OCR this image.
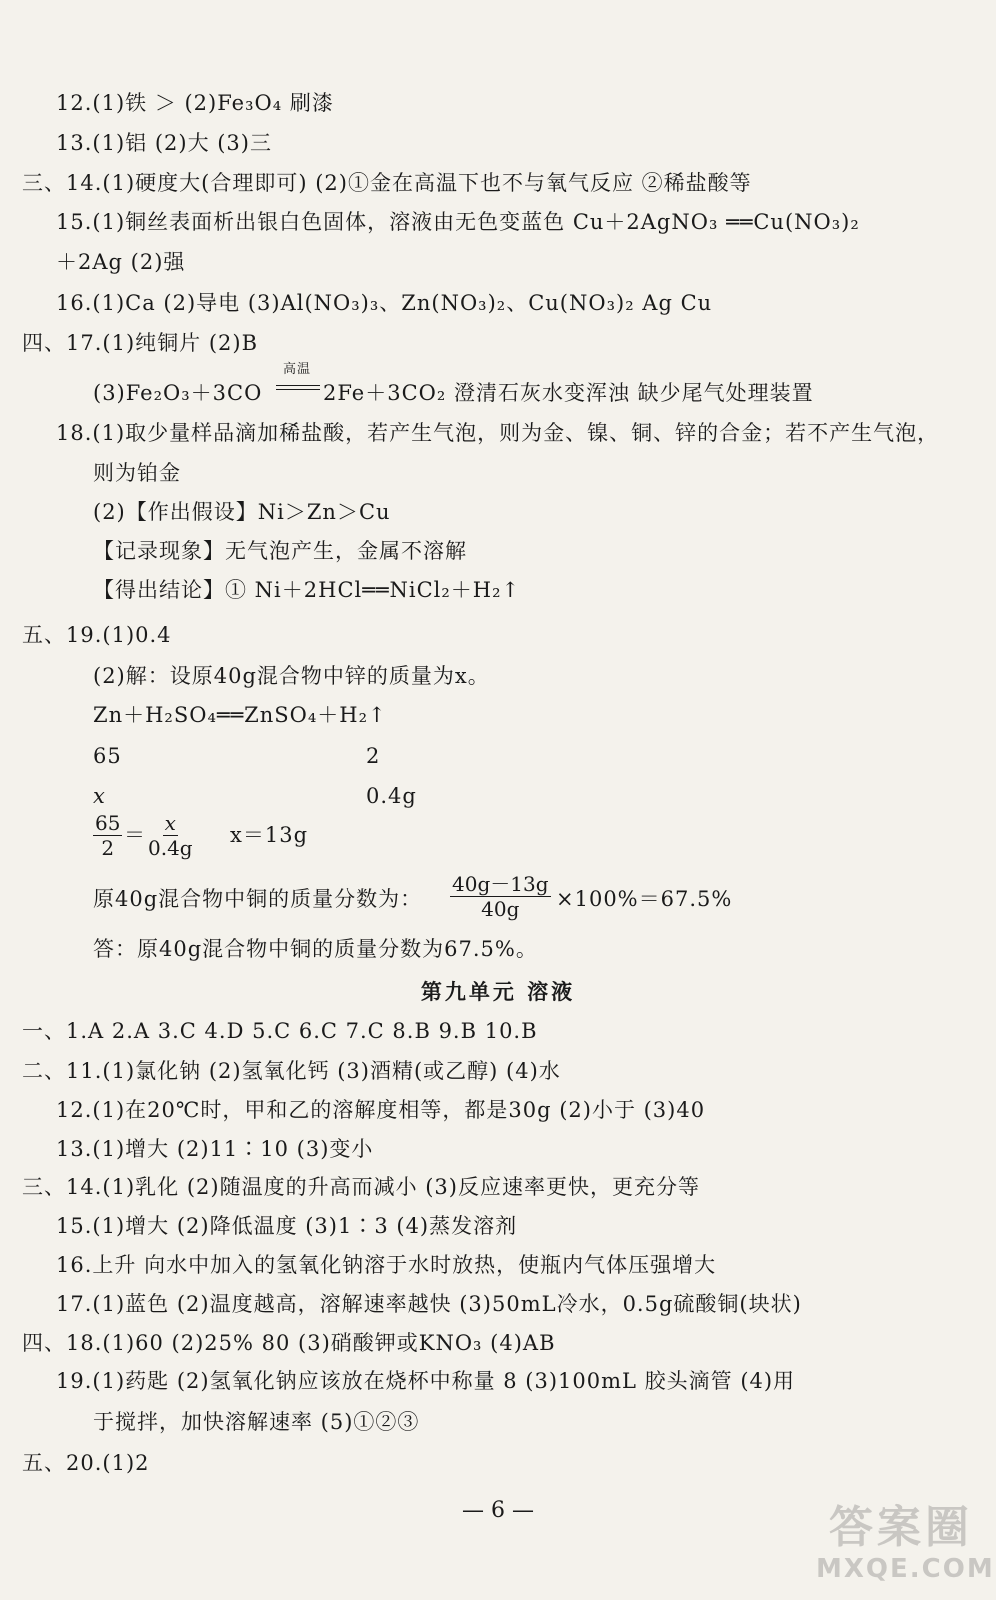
12.(1)铁 ＞ (2)Fe₃O₄ 刷漆
13.(1)铝 (2)大 (3)三
三、14.(1)硬度大(合理即可) (2)①金在高温下也不与氧气反应 ②稀盐酸等
15.(1)铜丝表面析出银白色固体，溶液由无色变蓝色 Cu＋2AgNO₃ ══Cu(NO₃)₂
＋2Ag (2)强
16.(1)Ca (2)导电 (3)Al(NO₃)₃、Zn(NO₃)₂、Cu(NO₃)₂ Ag Cu
四、17.(1)纯铜片 (2)B
(3)Fe₂O₃＋3CO
高温
2Fe＋3CO₂ 澄清石灰水变浑浊 缺少尾气处理装置
18.(1)取少量样品滴加稀盐酸，若产生气泡，则为金、镍、铜、锌的合金；若不产生气泡，
则为铂金
(2)【作出假设】Ni＞Zn＞Cu
【记录现象】无气泡产生，金属不溶解
【得出结论】① Ni＋2HCl══NiCl₂＋H₂↑
五、19.(1)0.4
(2)解：设原40g混合物中锌的质量为x。
Zn＋H₂SO₄══ZnSO₄＋H₂↑
65	2
x	0.4g
$\frac{65}{2} = \frac{x}{0.4g} x=13g$
原40g混合物中铜的质量分数为： $\frac{40g-13g}{40g} \times 100\%=67.5\%$
答：原40g混合物中铜的质量分数为67.5%。
第九单元 溶液
一、1.A 2.A 3.C 4.D 5.C 6.C 7.C 8.B 9.B 10.B
二、11.(1)氯化钠 (2)氢氧化钙 (3)酒精(或乙醇) (4)水
12.(1)在20℃时，甲和乙的溶解度相等，都是30g (2)小于 (3)40
13.(1)增大 (2)11∶10 (3)变小
三、14.(1)乳化 (2)随温度的升高而减小 (3)反应速率更快，更充分等
15.(1)增大 (2)降低温度 (3)1∶3 (4)蒸发溶剂
16.上升 向水中加入的氢氧化钠溶于水时放热，使瓶内气体压强增大
17.(1)蓝色 (2)温度越高，溶解速率越快 (3)50mL冷水，0.5g硫酸铜(块状)
四、18.(1)60 (2)25% 80 (3)硝酸钾或KNO₃ (4)AB
19.(1)药匙 (2)氢氧化钠应该放在烧杯中称量 8 (3)100mL 胶头滴管 (4)用
于搅拌，加快溶解速率 (5)①②③
五、20.(1)2
— 6 —	答案圈
MXQE.COM
